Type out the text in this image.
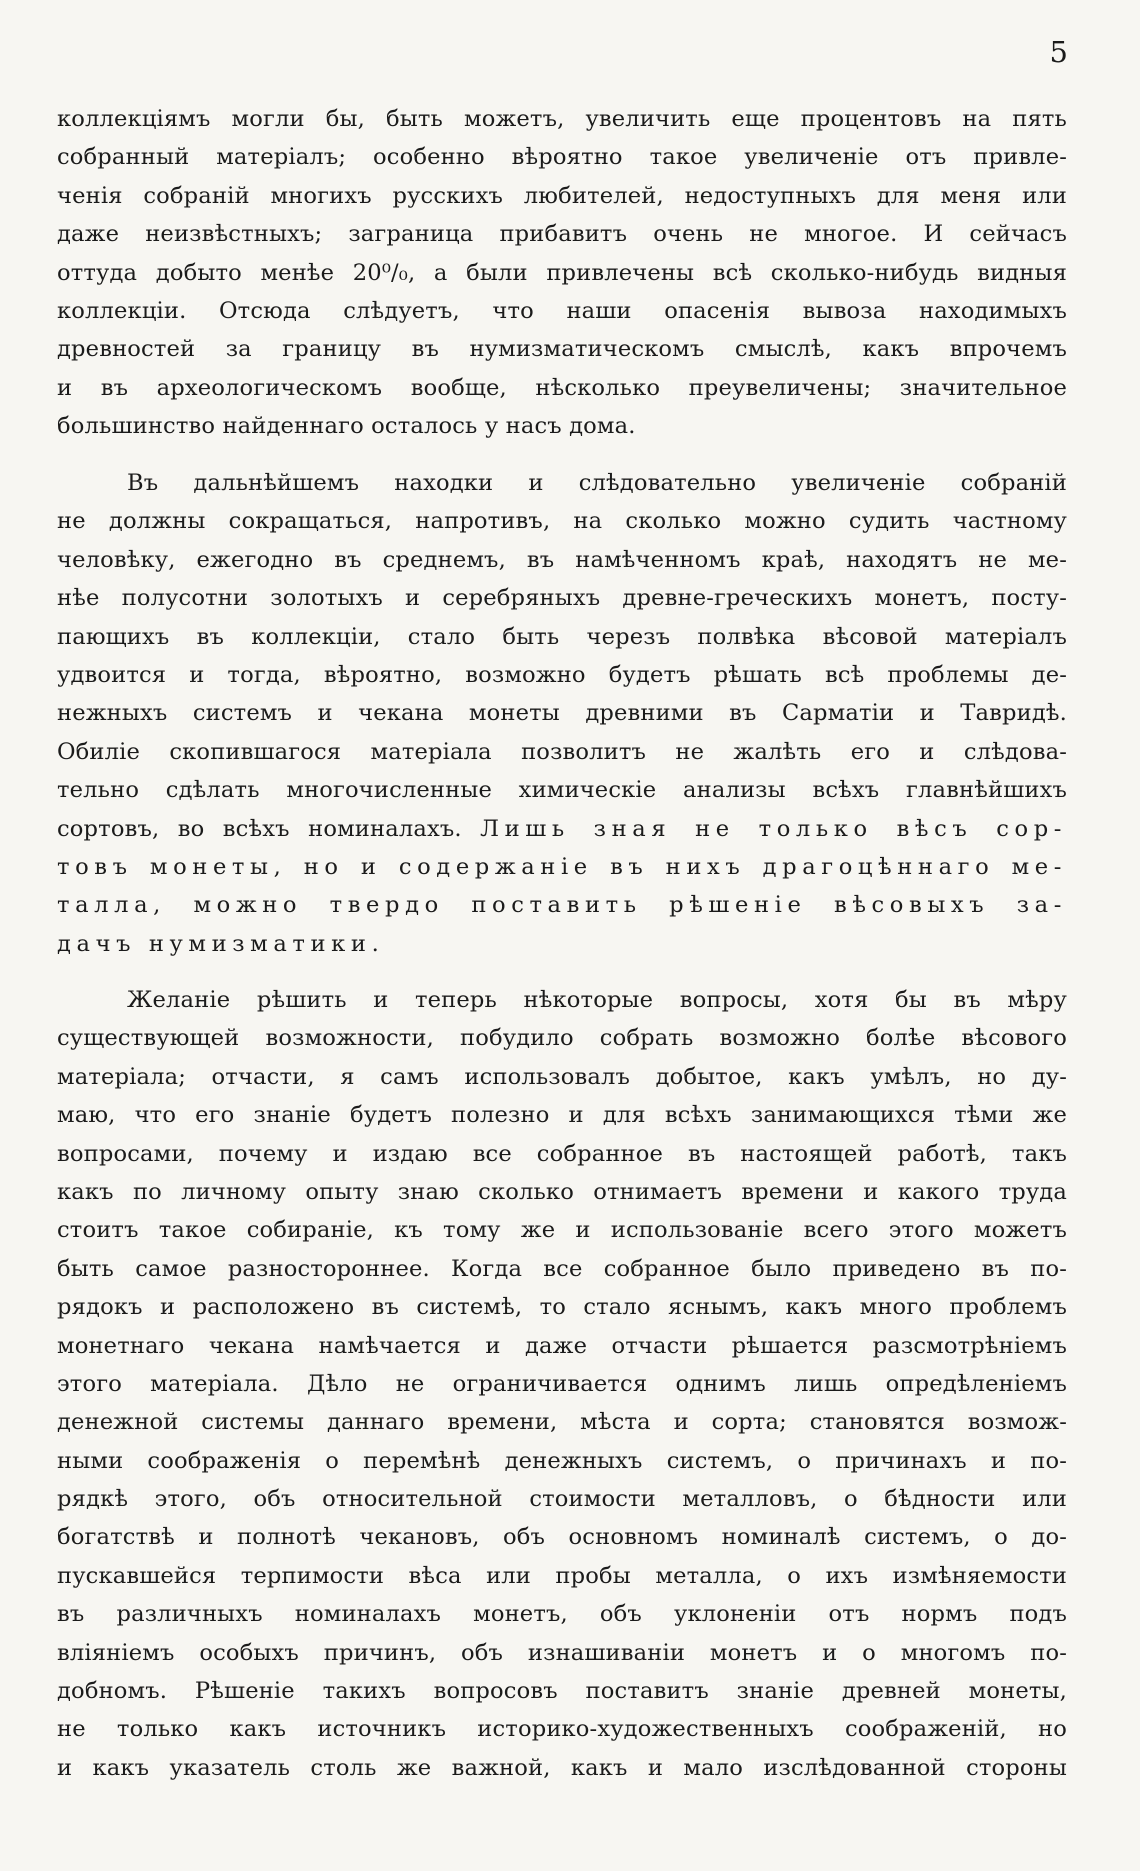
5
коллекціямъ могли бы, быть можетъ, увеличить еще процентовъ на пять
собранный матеріалъ; особенно вѣроятно такое увеличеніе отъ привле-
ченія собраній многихъ русскихъ любителей, недоступныхъ для меня или
даже неизвѣстныхъ; заграница прибавитъ очень не многое. И сейчасъ
оттуда добыто менѣе 20⁰/₀, а были привлечены всѣ сколько-нибудь видныя
коллекціи. Отсюда слѣдуетъ, что наши опасенія вывоза находимыхъ
древностей за границу въ нумизматическомъ смыслѣ, какъ впрочемъ
и въ археологическомъ вообще, нѣсколько преувеличены; значительное
большинство найденнаго осталось у насъ дома.
Въ дальнѣйшемъ находки и слѣдовательно увеличеніе собраній
не должны сокращаться, напротивъ, на сколько можно судить частному
человѣку, ежегодно въ среднемъ, въ намѣченномъ краѣ, находятъ не ме-
нѣе полусотни золотыхъ и серебряныхъ древне-греческихъ монетъ, посту-
пающихъ въ коллекціи, стало быть черезъ полвѣка вѣсовой матеріалъ
удвоится и тогда, вѣроятно, возможно будетъ рѣшать всѣ проблемы де-
нежныхъ системъ и чекана монеты древними въ Сарматіи и Тавридѣ.
Обиліе скопившагося матеріала позволитъ не жалѣть его и слѣдова-
тельно сдѣлать многочисленные химическіе анализы всѣхъ главнѣйшихъ
сортовъ, во всѣхъ номиналахъ. Лишь зная не только вѣсъ сор-
товъ монеты, но и содержаніе въ нихъ драгоцѣннаго ме-
талла, можно твердо поставить рѣшеніе вѣсовыхъ за-
дачъ нумизматики.
Желаніе рѣшить и теперь нѣкоторые вопросы, хотя бы въ мѣру
существующей возможности, побудило собрать возможно болѣе вѣсового
матеріала; отчасти, я самъ использовалъ добытое, какъ умѣлъ, но ду-
маю, что его знаніе будетъ полезно и для всѣхъ занимающихся тѣми же
вопросами, почему и издаю все собранное въ настоящей работѣ, такъ
какъ по личному опыту знаю сколько отнимаетъ времени и какого труда
стоитъ такое собираніе, къ тому же и использованіе всего этого можетъ
быть самое разностороннее. Когда все собранное было приведено въ по-
рядокъ и расположено въ системѣ, то стало яснымъ, какъ много проблемъ
монетнаго чекана намѣчается и даже отчасти рѣшается разсмотрѣніемъ
этого матеріала. Дѣло не ограничивается однимъ лишь опредѣленіемъ
денежной системы даннаго времени, мѣста и сорта; становятся возмож-
ными соображенія о перемѣнѣ денежныхъ системъ, о причинахъ и по-
рядкѣ этого, объ относительной стоимости металловъ, о бѣдности или
богатствѣ и полнотѣ чекановъ, объ основномъ номиналѣ системъ, о до-
пускавшейся терпимости вѣса или пробы металла, о ихъ измѣняемости
въ различныхъ номиналахъ монетъ, объ уклоненіи отъ нормъ подъ
вліяніемъ особыхъ причинъ, объ изнашиваніи монетъ и о многомъ по-
добномъ. Рѣшеніе такихъ вопросовъ поставитъ знаніе древней монеты,
не только какъ источникъ историко-художественныхъ соображеній, но
и какъ указатель столь же важной, какъ и мало изслѣдованной стороны
